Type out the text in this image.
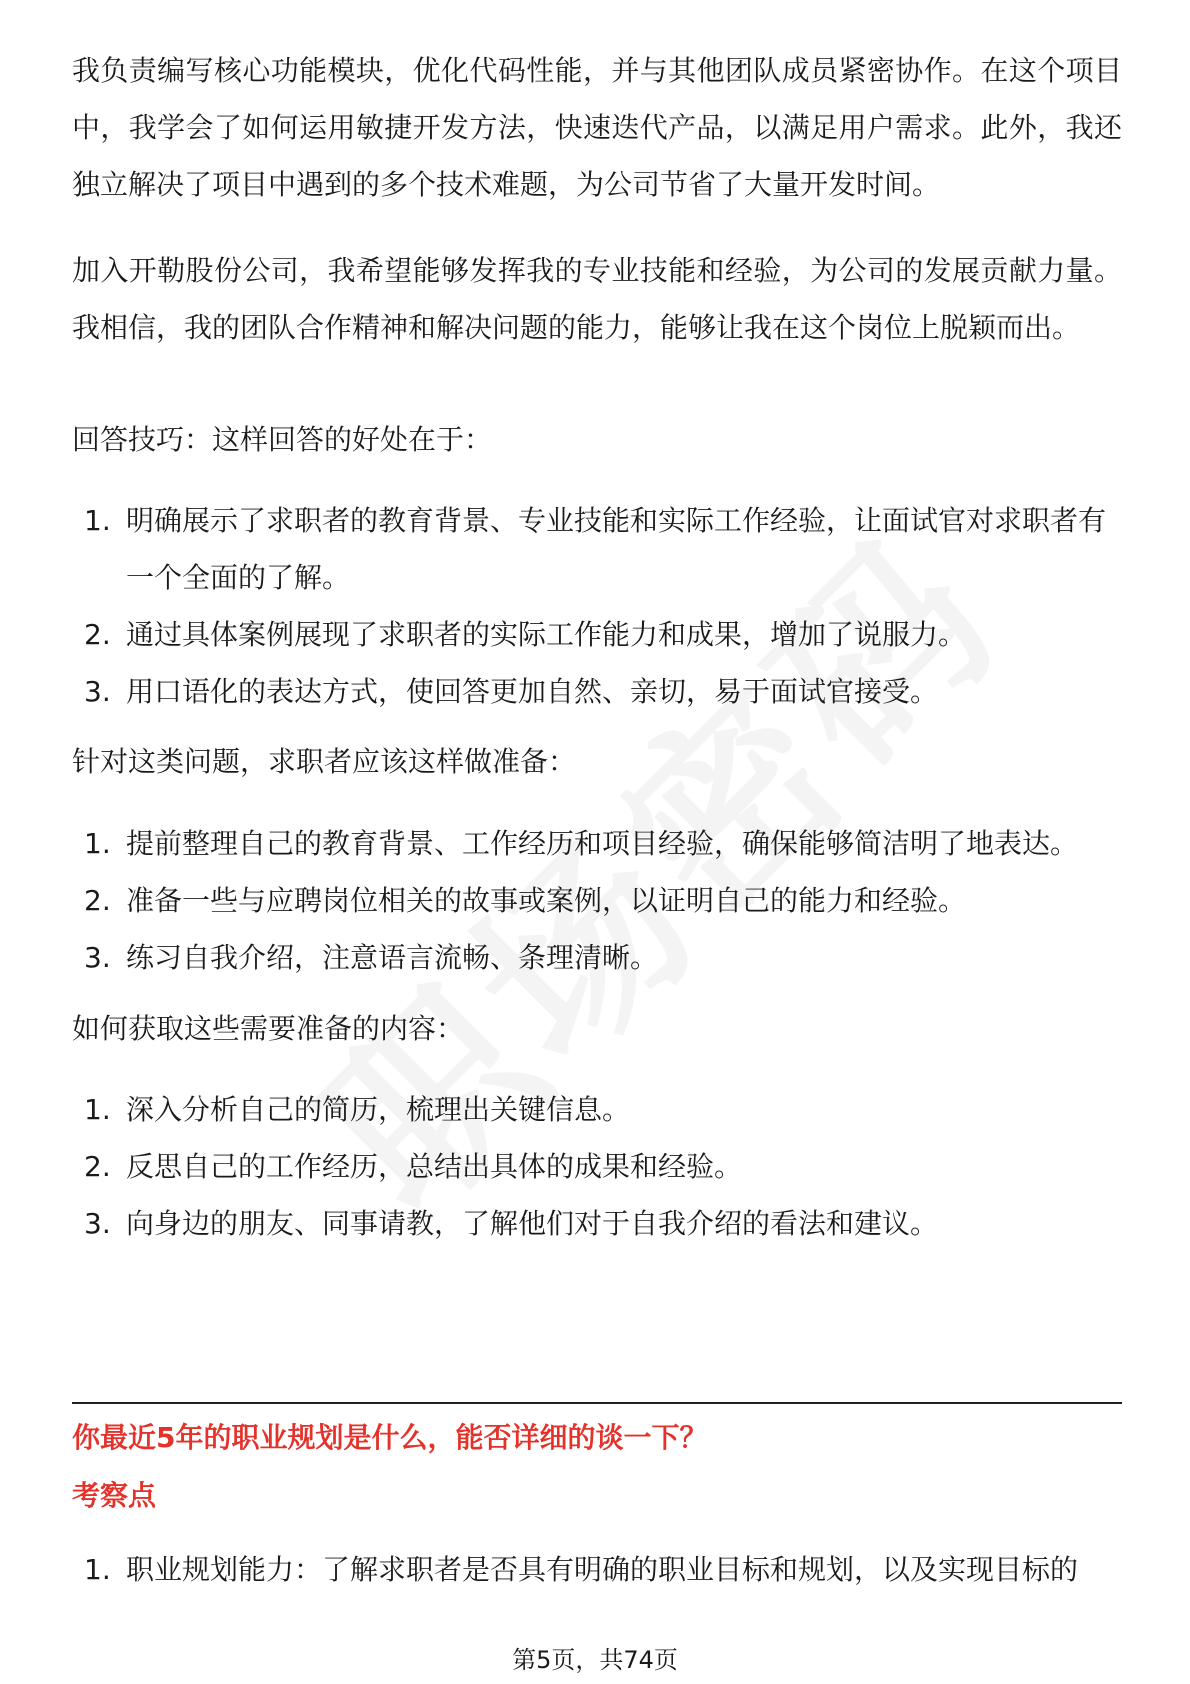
我负责编写核心功能模块，优化代码性能，并与其他团队成员紧密协作。在这个项目中，我学会了如何运用敏捷开发方法，快速迭代产品，以满足用户需求。此外，我还独立解决了项目中遇到的多个技术难题，为公司节省了大量开发时间。

加入开勒股份公司，我希望能够发挥我的专业技能和经验，为公司的发展贡献力量。我相信，我的团队合作精神和解决问题的能力，能够让我在这个岗位上脱颖而出。

回答技巧：这样回答的好处在于：

1. 明确展示了求职者的教育背景、专业技能和实际工作经验，让面试官对求职者有一个全面的了解。
2. 通过具体案例展现了求职者的实际工作能力和成果，增加了说服力。
3. 用口语化的表达方式，使回答更加自然、亲切，易于面试官接受。

针对这类问题，求职者应该这样做准备：

1. 提前整理自己的教育背景、工作经历和项目经验，确保能够简洁明了地表达。
2. 准备一些与应聘岗位相关的故事或案例，以证明自己的能力和经验。
3. 练习自我介绍，注意语言流畅、条理清晰。

如何获取这些需要准备的内容：

1. 深入分析自己的简历，梳理出关键信息。
2. 反思自己的工作经历，总结出具体的成果和经验。
3. 向身边的朋友、同事请教，了解他们对于自我介绍的看法和建议。

你最近5年的职业规划是什么，能否详细的谈一下？

考察点

1. 职业规划能力：了解求职者是否具有明确的职业目标和规划，以及实现目标的
第5页，共74页
